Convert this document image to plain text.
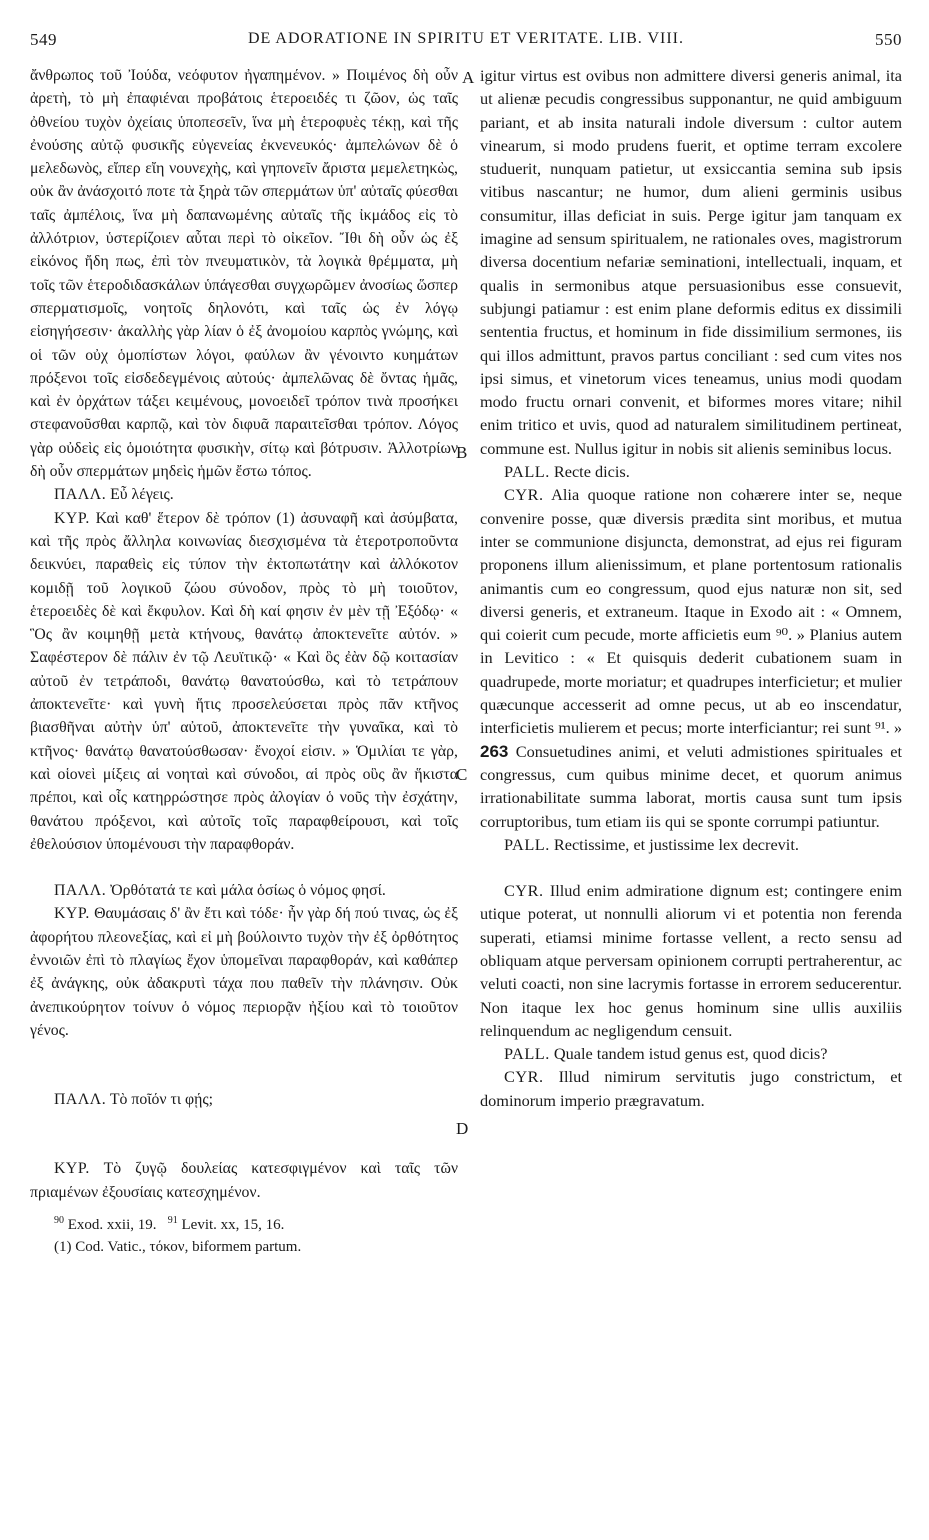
549	DE ADORATIONE IN SPIRITU ET VERITATE. LIB. VIII.	550
A
B
C
D

ἄνθρωπος τοῦ Ἰούδα, νεόφυτον ἠγαπημένον. » Ποιμένος δὴ οὖν ἀρετὴ, τὸ μὴ ἐπαφιέναι προβάτοις ἑτεροειδές τι ζῶον, ὡς ταῖς ὀθνείου τυχὸν ὀχείαις ὑποπεσεῖν, ἵνα μὴ ἑτεροφυὲς τέκῃ, καὶ τῆς ἐνούσης αὐτῷ φυσικῆς εὐγενείας ἐκνενευκός· ἀμπελώνων δὲ ὁ μελεδωνὸς, εἴπερ εἴη νουνεχὴς, καὶ γηπονεῖν ἄριστα μεμελετηκὼς, οὐκ ἂν ἀνάσχοιτό ποτε τὰ ξηρὰ τῶν σπερμάτων ὑπ' αὐταῖς φύεσθαι ταῖς ἀμπέλοις, ἵνα μὴ δαπανωμένης αὐταῖς τῆς ἰκμάδος εἰς τὸ ἀλλότριον, ὑστερίζοιεν αὗται περὶ τὸ οἰκεῖον. Ἴθι δὴ οὖν ὡς ἐξ εἰκόνος ἤδη πως, ἐπὶ τὸν πνευματικὸν, τὰ λογικὰ θρέμματα, μὴ τοῖς τῶν ἑτεροδιδασκάλων ὑπάγεσθαι συγχωρῶμεν ἀνοσίως ὥσπερ σπερματισμοῖς, νοητοῖς δηλονότι, καὶ ταῖς ὡς ἐν λόγῳ εἰσηγήσεσιν· ἀκαλλὴς γὰρ λίαν ὁ ἐξ ἀνομοίου καρπὸς γνώμης, καὶ οἱ τῶν οὐχ ὁμοπίστων λόγοι, φαύλων ἂν γένοιντο κυημάτων πρόξενοι τοῖς εἰσδεδεγμένοις αὐτούς· ἀμπελῶνας δὲ ὄντας ἡμᾶς, καὶ ἐν ὀρχάτων τάξει κειμένους, μονοειδεῖ τρόπον τινὰ προσήκει στεφανοῦσθαι καρπῷ, καὶ τὸν διφυᾶ παραιτεῖσθαι τρόπον. Λόγος γὰρ οὐδεὶς εἰς ὁμοιότητα φυσικὴν, σίτῳ καὶ βότρυσιν. Ἀλλοτρίων δὴ οὖν σπερμάτων μηδεὶς ἡμῶν ἔστω τόπος.

ΠΑΛΛ. Εὖ λέγεις.

ΚΥΡ. Καὶ καθ' ἕτερον δὲ τρόπον (1) ἀσυναφῆ καὶ ἀσύμβατα, καὶ τῆς πρὸς ἄλληλα κοινωνίας διεσχισμένα τὰ ἑτεροτροποῦντα δεικνύει, παραθεὶς εἰς τύπον τὴν ἐκτοπωτάτην καὶ ἀλλόκοτον κομιδῇ τοῦ λογικοῦ ζώου σύνοδον, πρὸς τὸ μὴ τοιοῦτον, ἑτεροειδὲς δὲ καὶ ἔκφυλον. Καὶ δὴ καί φησιν ἐν μὲν τῇ Ἐξόδῳ· « Ὃς ἂν κοιμηθῇ μετὰ κτήνους, θανάτῳ ἀποκτενεῖτε αὐτόν. » Σαφέστερον δὲ πάλιν ἐν τῷ Λευϊτικῷ· « Καὶ ὃς ἐὰν δῷ κοιτασίαν αὐτοῦ ἐν τετράποδι, θανάτῳ θανατούσθω, καὶ τὸ τετράπουν ἀποκτενεῖτε· καὶ γυνὴ ἥτις προσελεύσεται πρὸς πᾶν κτῆνος βιασθῆναι αὐτὴν ὑπ' αὐτοῦ, ἀποκτενεῖτε τὴν γυναῖκα, καὶ τὸ κτῆνος· θανάτῳ θανατούσθωσαν· ἔνοχοί εἰσιν. » Ὁμιλίαι τε γὰρ, καὶ οἱονεὶ μίξεις αἱ νοηταὶ καὶ σύνοδοι, αἱ πρὸς οὓς ἂν ἥκιστα πρέποι, καὶ οἷς κατηρρώστησε πρὸς ἀλογίαν ὁ νοῦς τὴν ἐσχάτην, θανάτου πρόξενοι, καὶ αὐτοῖς τοῖς παραφθείρουσι, καὶ τοῖς ἐθελούσιον ὑπομένουσι τὴν παραφθοράν.

ΠΑΛΛ. Ὀρθότατά τε καὶ μάλα ὁσίως ὁ νόμος φησί.

ΚΥΡ. Θαυμάσαις δ' ἂν ἔτι καὶ τόδε· ἦν γὰρ δή πού τινας, ὡς ἐξ ἀφορήτου πλεονεξίας, καὶ εἰ μὴ βούλοιντο τυχὸν τὴν ἐξ ὀρθότητος ἐννοιῶν ἐπὶ τὸ πλαγίως ἔχον ὑπομεῖναι παραφθοράν, καὶ καθάπερ ἐξ ἀνάγκης, οὐκ ἀδακρυτὶ τάχα που παθεῖν τὴν πλάνησιν. Οὐκ ἀνεπικούρητον τοίνυν ὁ νόμος περιορᾷν ἠξίου καὶ τὸ τοιοῦτον γένος.

ΠΑΛΛ. Τὸ ποῖόν τι φῄς;

ΚΥΡ. Τὸ ζυγῷ δουλείας κατεσφιγμένον καὶ ταῖς τῶν πριαμένων ἐξουσίαις κατεσχημένον.

$^{90}$ Exod. xxii, 19. $^{91}$ Levit. xx, 15, 16.

(1) Cod. Vatic., τόκον, biformem partum.

igitur virtus est ovibus non admittere diversi generis animal, ita ut alienæ pecudis congressibus supponantur, ne quid ambiguum pariant, et ab insita naturali indole diversum : cultor autem vinearum, si modo prudens fuerit, et optime terram excolere studuerit, nunquam patietur, ut exsiccantia semina sub ipsis vitibus nascantur; ne humor, dum alieni germinis usibus consumitur, illas deficiat in suis. Perge igitur jam tanquam ex imagine ad sensum spiritualem, ne rationales oves, magistrorum diversa docentium nefariæ seminationi, intellectuali, inquam, et qualis in sermonibus atque persuasionibus esse consuevit, subjungi patiamur : est enim plane deformis editus ex dissimili sententia fructus, et hominum in fide dissimilium sermones, iis qui illos admittunt, pravos partus conciliant : sed cum vites nos ipsi simus, et vinetorum vices teneamus, unius modi quodam modo fructu ornari convenit, et biformes mores vitare; nihil enim tritico et uvis, quod ad naturalem similitudinem pertineat, commune est. Nullus igitur in nobis sit alienis seminibus locus.

PALL. Recte dicis.

CYR. Alia quoque ratione non cohærere inter se, neque convenire posse, quæ diversis prædita sint moribus, et mutua inter se communione disjuncta, demonstrat, ad ejus rei figuram proponens illum alienissimum, et plane portentosum rationalis animantis cum eo congressum, quod ejus naturæ non sit, sed diversi generis, et extraneum. Itaque in Exodo ait : « Omnem, qui coierit cum pecude, morte afficietis eum ⁹⁰. » Planius autem in Levitico : « Et quisquis dederit cubationem suam in quadrupede, morte moriatur; et quadrupes interficietur; et mulier quæcunque accesserit ad omne pecus, ut ab eo inscendatur, interficietis mulierem et pecus; morte interficiantur; rei sunt ⁹¹. » 263 Consuetudines animi, et veluti admistiones spirituales et congressus, cum quibus minime decet, et quorum animus irrationabilitate summa laborat, mortis causa sunt tum ipsis corruptoribus, tum etiam iis qui se sponte corrumpi patiuntur.

PALL. Rectissime, et justissime lex decrevit.

CYR. Illud enim admiratione dignum est; contingere enim utique poterat, ut nonnulli aliorum vi et potentia non ferenda superati, etiamsi minime fortasse vellent, a recto sensu ad obliquam atque perversam opinionem corrupti pertraherentur, ac veluti coacti, non sine lacrymis fortasse in errorem seducerentur. Non itaque lex hoc genus hominum sine ullis auxiliis relinquendum ac negligendum censuit.

PALL. Quale tandem istud genus est, quod dicis?

CYR. Illud nimirum servitutis jugo constrictum, et dominorum imperio prægravatum.
